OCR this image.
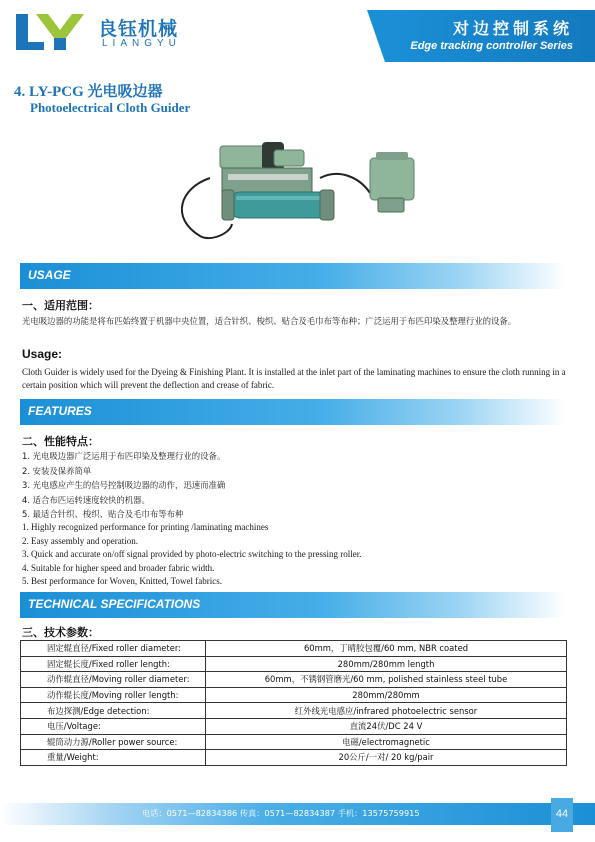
良钰机械
LIANGYU
对边控制系统
Edge tracking controller Series
4. LY-PCG 光电吸边器
Photoelectrical Cloth Guider
USAGE
一、适用范围：
光电吸边器的功能是将布匹始终置于机器中央位置，适合针织、梭织、贴合及毛巾布等布种；广泛运用于布匹印染及整理行业的设备。
Usage:
Cloth Guider is widely used for the Dyeing & Finishing Plant. It is installed at the inlet part of the laminating machines to ensure the cloth running in a certain position which will prevent the deflection and crease of fabric.
FEATURES
二、性能特点：
1. 光电吸边器广泛运用于布匹印染及整理行业的设备。
2. 安装及保养简单
3. 光电感应产生的信号控制吸边器的动作，迅速而准确
4. 适合布匹运转速度较快的机器。
5. 最适合针织、梭织、贴合及毛巾布等布种
1. Highly recognized performance for printing /laminating machines
2. Easy assembly and operation.
3. Quick and accurate on/off signal provided by photo-electric switching to the pressing roller.
4. Suitable for higher speed and broader fabric width.
5. Best performance for Woven, Knitted, Towel fabrics.
TECHNICAL SPECIFICATIONS
三、技术参数：
固定辊直径/Fixed roller diameter:	60mm，丁晴胶包覆/60 mm, NBR coated
固定辊长度/Fixed roller length:	280mm/280mm length
动作辊直径/Moving roller diameter:	60mm，不锈钢管磨光/60 mm, polished stainless steel tube
动作辊长度/Moving roller length:	280mm/280mm
布边探测/Edge detection:	红外线光电感应/infrared photoelectric sensor
电压/Voltage:	直流24伏/DC 24 V
辊筒动力源/Roller power source:	电磁/electromagnetic
重量/Weight:	20公斤/一对/ 20 kg/pair
电话：0571—82834386 传真：0571—82834387 手机：13575759915	44
